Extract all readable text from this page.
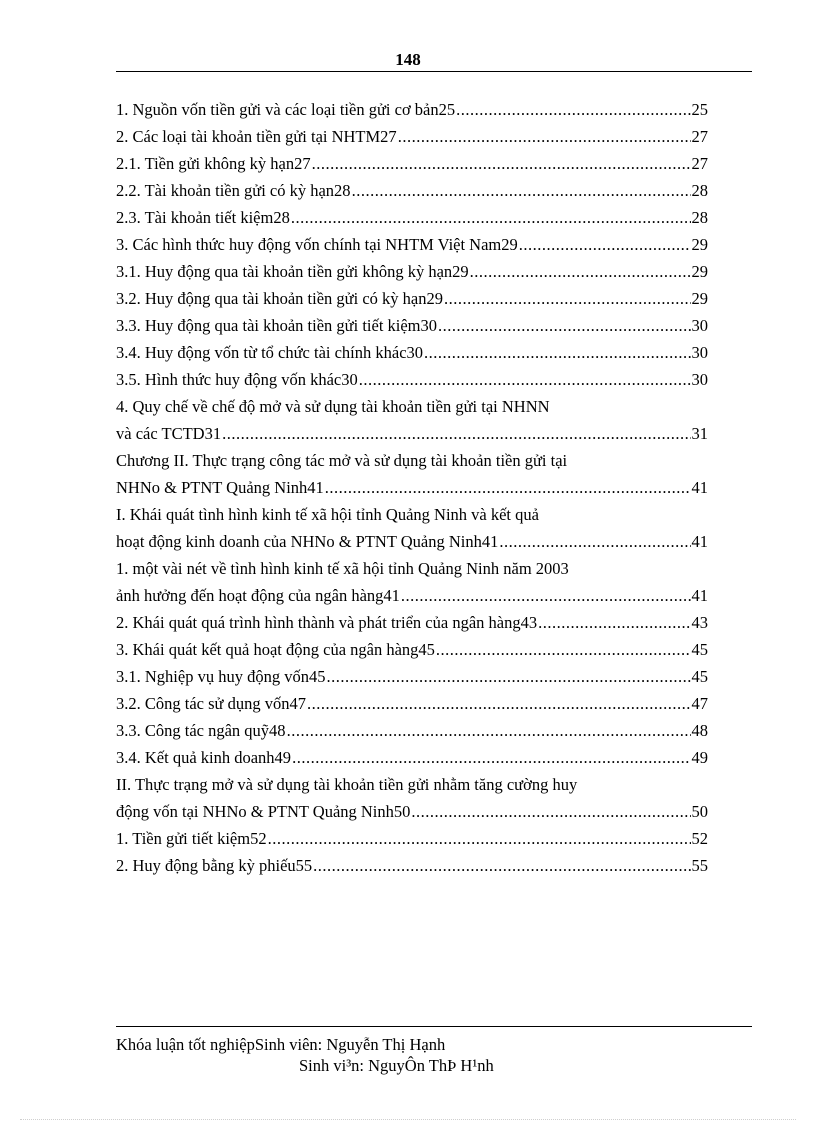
148
1. Nguồn vốn tiền gửi và các loại tiền gửi cơ bản25 .....	25
2. Các loại tài khoản tiền gửi tại NHTM27 .....	27
2.1. Tiền gửi không kỳ hạn27 .....	27
2.2. Tài khoản tiền gửi có kỳ hạn28 .....	28
2.3. Tài khoản tiết kiệm28 .....	28
3. Các hình thức huy động vốn chính tại NHTM Việt Nam29 .....	29
3.1. Huy động qua tài khoản tiền gửi không kỳ hạn29 .....	29
3.2. Huy động qua tài khoản tiền gửi có kỳ hạn29 .....	29
3.3. Huy động qua tài khoản tiền gửi tiết kiệm30 .....	30
3.4. Huy động vốn từ tổ chức tài chính khác30 .....	30
3.5. Hình thức huy động vốn khác30 .....	30
4. Quy chế về chế độ mở và sử dụng tài khoản tiền gửi tại NHNN
và các TCTD31 .....	31
Chương II. Thực trạng công tác mở và sử dụng tài khoản tiền gửi tại
NHNo & PTNT Quảng Ninh41 .....	41
I. Khái quát tình hình kinh tế xã hội tỉnh Quảng Ninh và kết quả
hoạt động kinh doanh của NHNo & PTNT Quảng Ninh41 .....	41
1. một vài nét về tình hình kinh tế xã hội tỉnh Quảng Ninh năm 2003
ảnh hưởng đến hoạt động của ngân hàng41 .....	41
2. Khái quát quá trình hình thành và phát triển của ngân hàng43 .....	43
3. Khái quát kết quả hoạt động của ngân hàng45 .....	45
3.1. Nghiệp vụ huy động vốn45 .....	45
3.2. Công tác sử dụng vốn47 .....	47
3.3. Công tác ngân quỹ48 .....	48
3.4. Kết quả kinh doanh49 .....	49
II. Thực trạng mở và sử dụng tài khoản tiền gửi nhằm tăng cường huy
động vốn tại NHNo & PTNT Quảng Ninh50 .....	50
1. Tiền gửi tiết kiệm52 .....	52
2. Huy động bằng kỳ phiếu55 .....	55
Khóa luận tốt nghiệpSinh viên: Nguyễn Thị Hạnh
Sinh vi³n: NguyÔn ThÞ H¹nh
